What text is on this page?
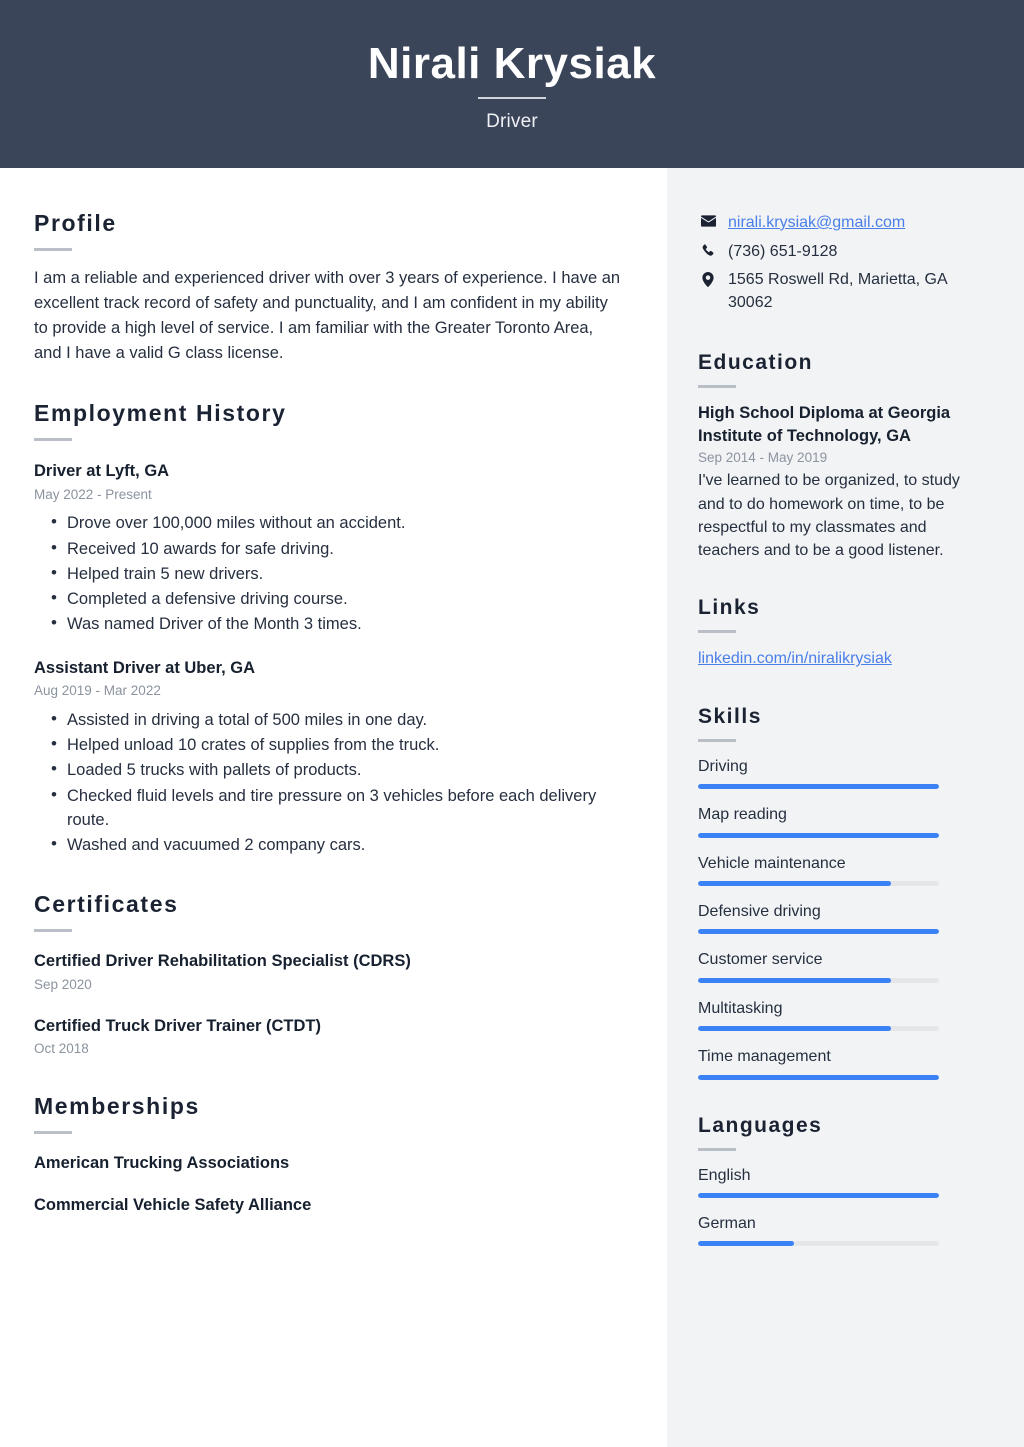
Nirali Krysiak
Driver
Profile
I am a reliable and experienced driver with over 3 years of experience. I have an excellent track record of safety and punctuality, and I am confident in my ability to provide a high level of service. I am familiar with the Greater Toronto Area, and I have a valid G class license.
Employment History
Driver at Lyft, GA
May 2022 - Present
• Drove over 100,000 miles without an accident.
• Received 10 awards for safe driving.
• Helped train 5 new drivers.
• Completed a defensive driving course.
• Was named Driver of the Month 3 times.
Assistant Driver at Uber, GA
Aug 2019 - Mar 2022
• Assisted in driving a total of 500 miles in one day.
• Helped unload 10 crates of supplies from the truck.
• Loaded 5 trucks with pallets of products.
• Checked fluid levels and tire pressure on 3 vehicles before each delivery route.
• Washed and vacuumed 2 company cars.
Certificates
Certified Driver Rehabilitation Specialist (CDRS)
Sep 2020
Certified Truck Driver Trainer (CTDT)
Oct 2018
Memberships
American Trucking Associations
Commercial Vehicle Safety Alliance
nirali.krysiak@gmail.com
(736) 651-9128
1565 Roswell Rd, Marietta, GA 30062
Education
High School Diploma at Georgia Institute of Technology, GA
Sep 2014 - May 2019
I've learned to be organized, to study and to do homework on time, to be respectful to my classmates and teachers and to be a good listener.
Links
linkedin.com/in/niralikrysiak
Skills
Driving
Map reading
Vehicle maintenance
Defensive driving
Customer service
Multitasking
Time management
Languages
English
German
